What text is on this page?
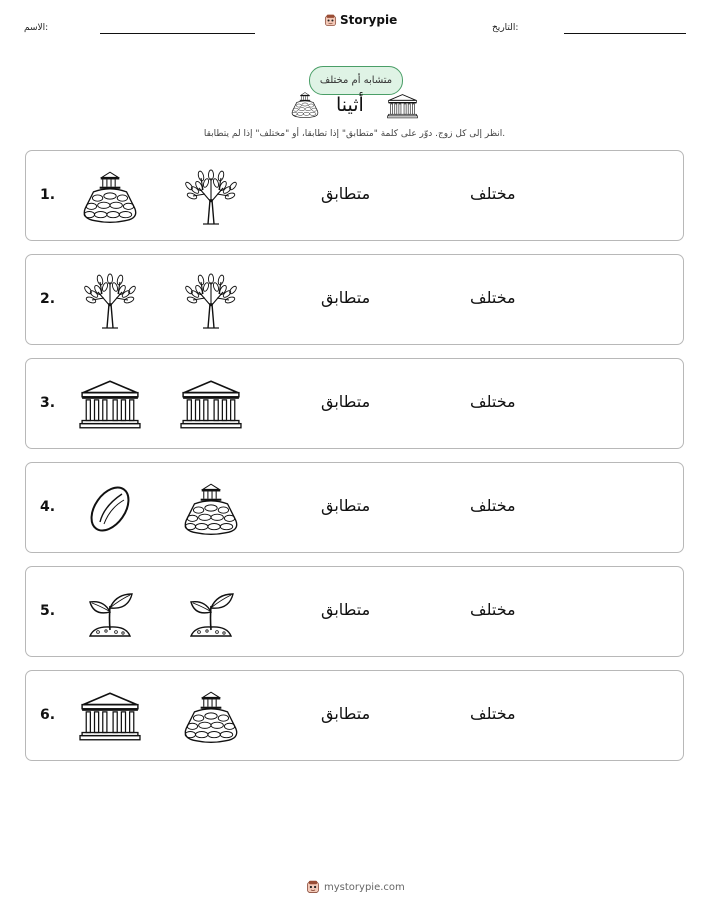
الاسم:
Storypie
التاريخ:
متشابه أم مختلف
أثينا
انظر إلى كل زوج. دوّر على كلمة "متطابق" إذا تطابقا، أو "مختلف" إذا لم يتطابقا.
1.	متطابق	مختلف
2.	متطابق	مختلف
3.	متطابق	مختلف
4.	متطابق	مختلف
5.	متطابق	مختلف
6.	متطابق	مختلف
mystorypie.com
